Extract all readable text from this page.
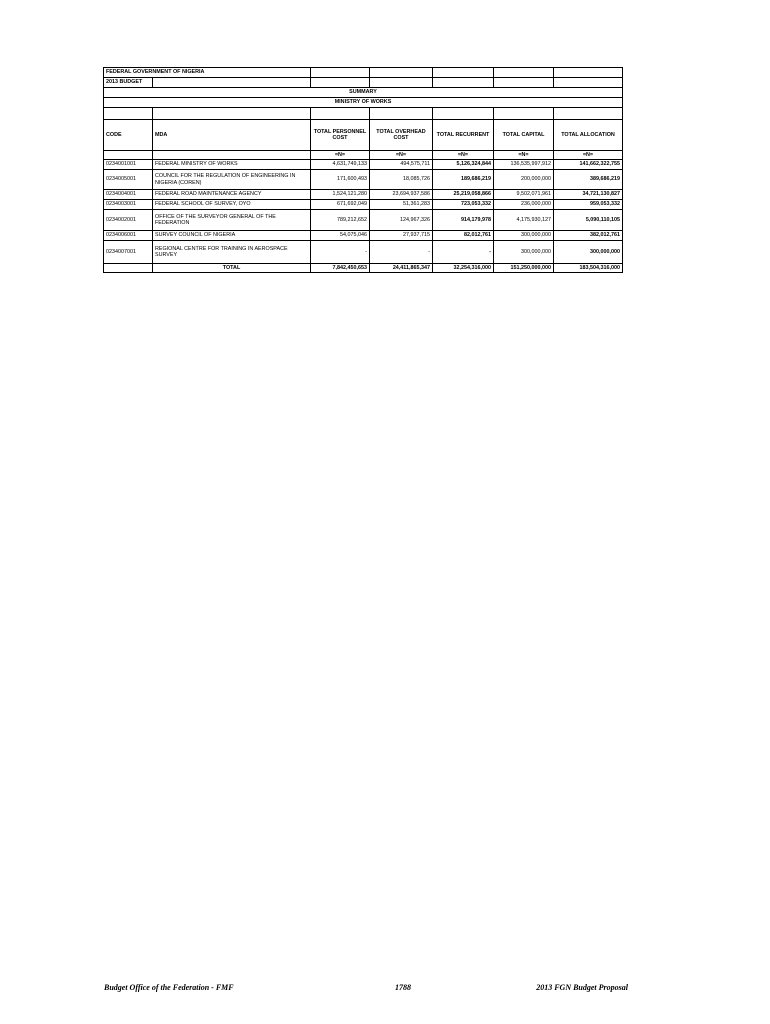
FEDERAL GOVERNMENT OF NIGERIA						
2013 BUDGET						
SUMMARY						
MINISTRY OF WORKS						

CODE	MDA	TOTAL PERSONNEL COST	TOTAL OVERHEAD COST	TOTAL RECURRENT	TOTAL CAPITAL	TOTAL ALLOCATION
		=N=	=N=	=N=	=N=	=N=
0234001001	FEDERAL MINISTRY OF WORKS	4,631,749,133	494,575,711	5,126,324,844	136,535,997,912	141,662,322,755
0234005001	COUNCIL FOR THE REGULATION OF ENGINEERING IN NIGERIA (COREN)	171,600,493	18,085,726	189,686,219	200,000,000	389,686,219
0234004001	FEDERAL ROAD MAINTENANCE AGENCY	1,524,121,280	23,694,937,586	25,219,058,866	9,502,071,961	34,721,130,827
0234003001	FEDERAL SCHOOL OF SURVEY, OYO	671,692,049	51,361,283	723,053,332	236,000,000	959,053,332
0234002001	OFFICE OF THE SURVEYOR GENERAL OF THE FEDERATION	789,212,652	124,967,326	914,179,978	4,175,930,127	5,090,110,105
0234006001	SURVEY COUNCIL OF NIGERIA	54,075,046	27,937,715	82,012,761	300,000,000	382,012,761
0234007001	REGIONAL CENTRE FOR TRAINING IN AEROSPACE SURVEY	-	-	-	300,000,000	300,000,000
	TOTAL	7,842,450,653	24,411,865,347	32,254,316,000	151,250,000,000	183,504,316,000
Budget Office of the Federation - FMF	1788	2013 FGN Budget Proposal
